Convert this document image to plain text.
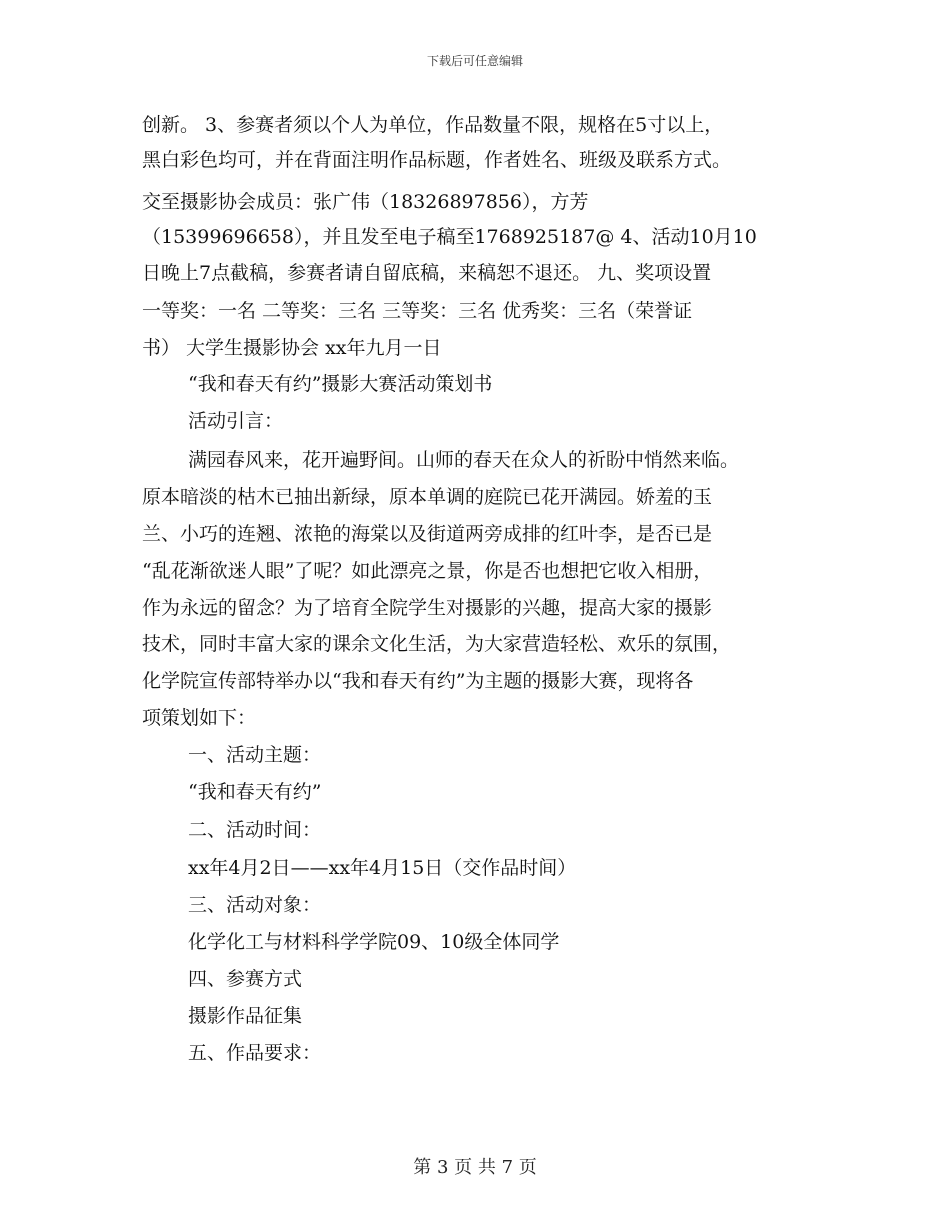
下载后可任意编辑
创新。 3、参赛者须以个人为单位，作品数量不限，规格在5寸以上，
黑白彩色均可，并在背面注明作品标题，作者姓名、班级及联系方式。
交至摄影协会成员：张广伟（18326897856），方芳
（15399696658），并且发至电子稿至1768925187@ 4、活动10月10
日晚上7点截稿，参赛者请自留底稿，来稿恕不退还。 九、奖项设置
一等奖：一名 二等奖：三名 三等奖：三名 优秀奖：三名（荣誉证
书） 大学生摄影协会 xx年九月一日
“我和春天有约”摄影大赛活动策划书
活动引言：
满园春风来，花开遍野间。山师的春天在众人的祈盼中悄然来临。
原本暗淡的枯木已抽出新绿，原本单调的庭院已花开满园。娇羞的玉
兰、小巧的连翘、浓艳的海棠以及街道两旁成排的红叶李，是否已是
“乱花渐欲迷人眼”了呢？如此漂亮之景，你是否也想把它收入相册，
作为永远的留念？为了培育全院学生对摄影的兴趣，提高大家的摄影
技术，同时丰富大家的课余文化生活，为大家营造轻松、欢乐的氛围，
化学院宣传部特举办以“我和春天有约”为主题的摄影大赛，现将各
项策划如下：
一、活动主题：
“我和春天有约”
二、活动时间：
xx年4月2日——xx年4月15日（交作品时间）
三、活动对象：
化学化工与材料科学学院09、10级全体同学
四、参赛方式
摄影作品征集
五、作品要求：
第 3 页 共 7 页
